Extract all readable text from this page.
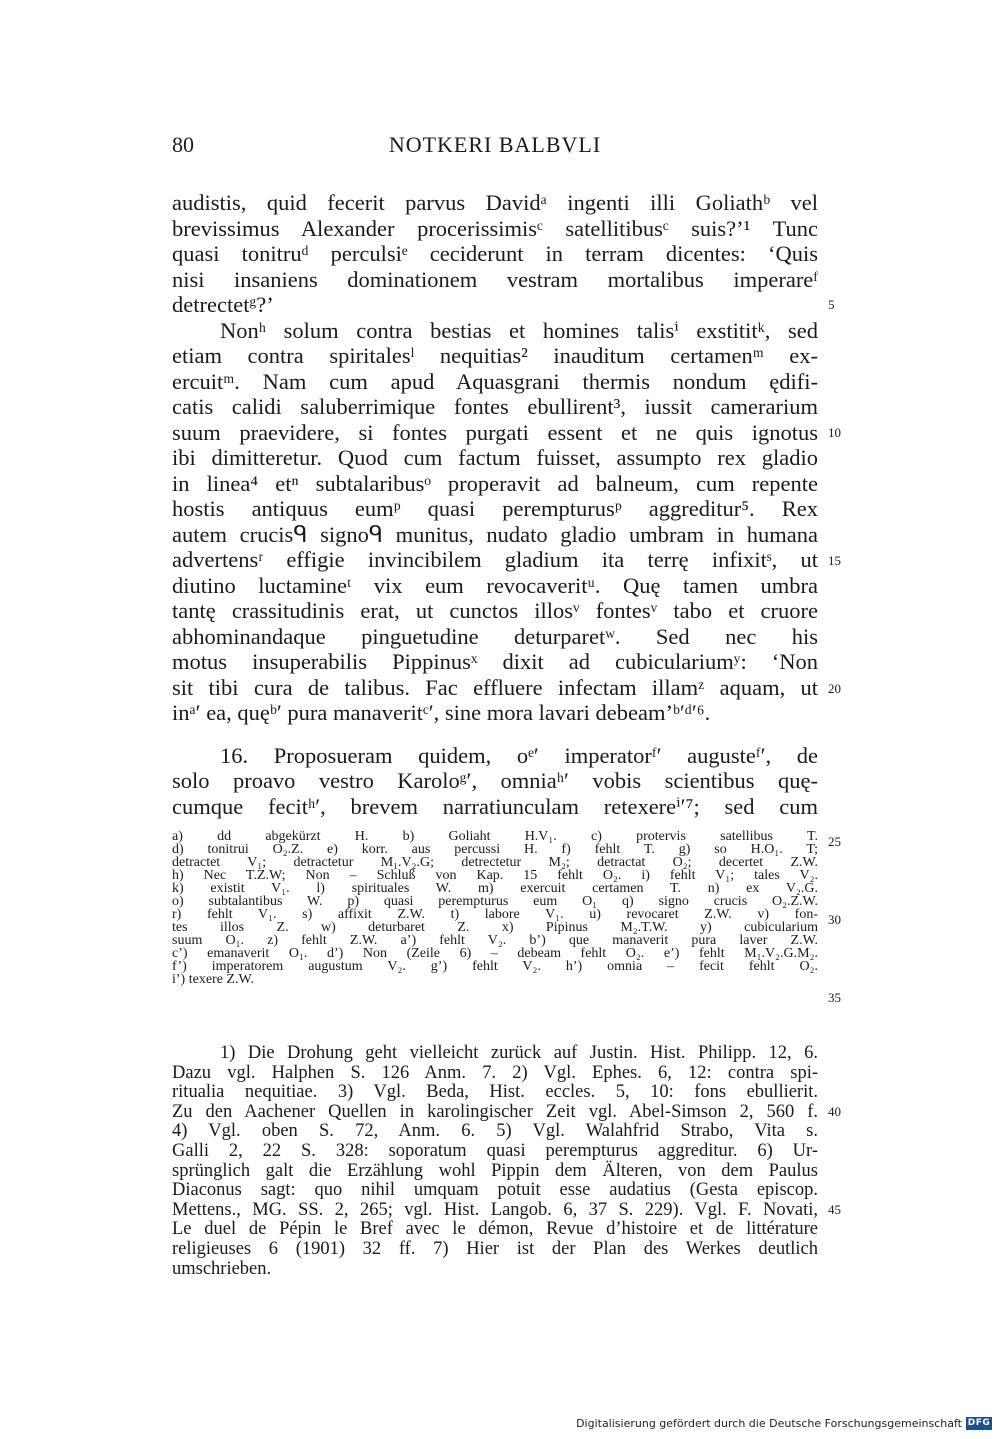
80	NOTKERI BALBVLI

audistis, quid fecerit parvus Davidᵃ ingenti illi Goliathᵇ vel

brevissimus Alexander procerissimisᶜ satellitibusᶜ suis?’¹ Tunc

quasi tonitruᵈ perculsiᵉ ceciderunt in terram dicentes: ‘Quis

nisi insaniens dominationem vestram mortalibus imperareᶠ

detrectetᵍ?’

Nonʰ solum contra bestias et homines talisⁱ exstititᵏ, sed

etiam contra spiritalesˡ nequitias² inauditum certamenᵐ ex-

ercuitᵐ. Nam cum apud Aquasgrani thermis nondum ędifi-

catis calidi saluberrimique fontes ebullirent³, iussit camerarium

suum praevidere, si fontes purgati essent et ne quis ignotus

ibi dimitteretur. Quod cum factum fuisset, assumpto rex gladio

in linea⁴ etⁿ subtalaribusᵒ properavit ad balneum, cum repente

hostis antiquus eumᵖ quasi perempturusᵖ aggreditur⁵. Rex

autem crucisᑫ signoᑫ munitus, nudato gladio umbram in humana

advertensʳ effigie invincibilem gladium ita terrę infixitˢ, ut

diutino luctamineᵗ vix eum revocaveritᵘ. Quę tamen umbra

tantę crassitudinis erat, ut cunctos illosᵛ fontesᵛ tabo et cruore

abhominandaque pinguetudine deturparetʷ. Sed nec his

motus insuperabilis Pippinusˣ dixit ad cubiculariumʸ: ‘Non

sit tibi cura de talibus. Fac effluere infectam illamᶻ aquam, ut

inᵃ′ ea, quęᵇ′ pura manaveritᶜ′, sine mora lavari debeam’ᵇ′ᵈ′⁶.

16. Proposueram quidem, oᵉ′ imperatorᶠ′ augusteᶠ′, de

solo proavo vestro Karoloᵍ′, omniaʰ′ vobis scientibus quę-

cumque fecitʰ′, brevem narratiunculam retexereⁱ′⁷; sed cum

5
10
15
20
25
30
35
40
45

a) dd abgekürzt H. b) Goliaht H.V₁. c) protervis satellibus T.

d) tonitrui O₂.Z. e) korr. aus percussi H. f) fehlt T. g) so H.O₁. T;

detractet V₁; detractetur M₁.V₂.G; detrectetur M₂; detractat O₂; decertet Z.W.

h) Nec T.Z.W; Non – Schluß von Kap. 15 fehlt O₂. i) fehlt V₁; tales V₂.

k) existit V₁. l) spirituales W. m) exercuit certamen T. n) ex V₂.G.

o) subtalantibus W. p) quasi perempturus eum O₁ q) signo crucis O₂.Z.W.

r) fehlt V₁. s) affixit Z.W. t) labore V₁. u) revocaret Z.W. v) fon-

tes illos Z. w) deturbaret Z. x) Pipinus M₂.T.W. y) cubicularium

suum O₁. z) fehlt Z.W. a’) fehlt V₂. b’) que manaverit pura laver Z.W.

c’) emanaverit O₁. d’) Non (Zeile 6) – debeam fehlt O₂. e’) fehlt M₁.V₂.G.M₂.

f’) imperatorem augustum V₂. g’) fehlt V₂. h’) omnia – fecit fehlt O₂.

i’) texere Z.W.

1) Die Drohung geht vielleicht zurück auf Justin. Hist. Philipp. 12, 6.

Dazu vgl. Halphen S. 126 Anm. 7. 2) Vgl. Ephes. 6, 12: contra spi-

ritualia nequitiae. 3) Vgl. Beda, Hist. eccles. 5, 10: fons ebullierit.

Zu den Aachener Quellen in karolingischer Zeit vgl. Abel-Simson 2, 560 f.

4) Vgl. oben S. 72, Anm. 6. 5) Vgl. Walahfrid Strabo, Vita s.

Galli 2, 22 S. 328: soporatum quasi perempturus aggreditur. 6) Ur-

sprünglich galt die Erzählung wohl Pippin dem Älteren, von dem Paulus

Diaconus sagt: quo nihil umquam potuit esse audatius (Gesta episcop.

Mettens., MG. SS. 2, 265; vgl. Hist. Langob. 6, 37 S. 229). Vgl. F. Novati,

Le duel de Pépin le Bref avec le démon, Revue d’histoire et de littérature

religieuses 6 (1901) 32 ff. 7) Hier ist der Plan des Werkes deutlich

umschrieben.

Digitalisierung gefördert durch die Deutsche Forschungsgemeinschaft DFG
